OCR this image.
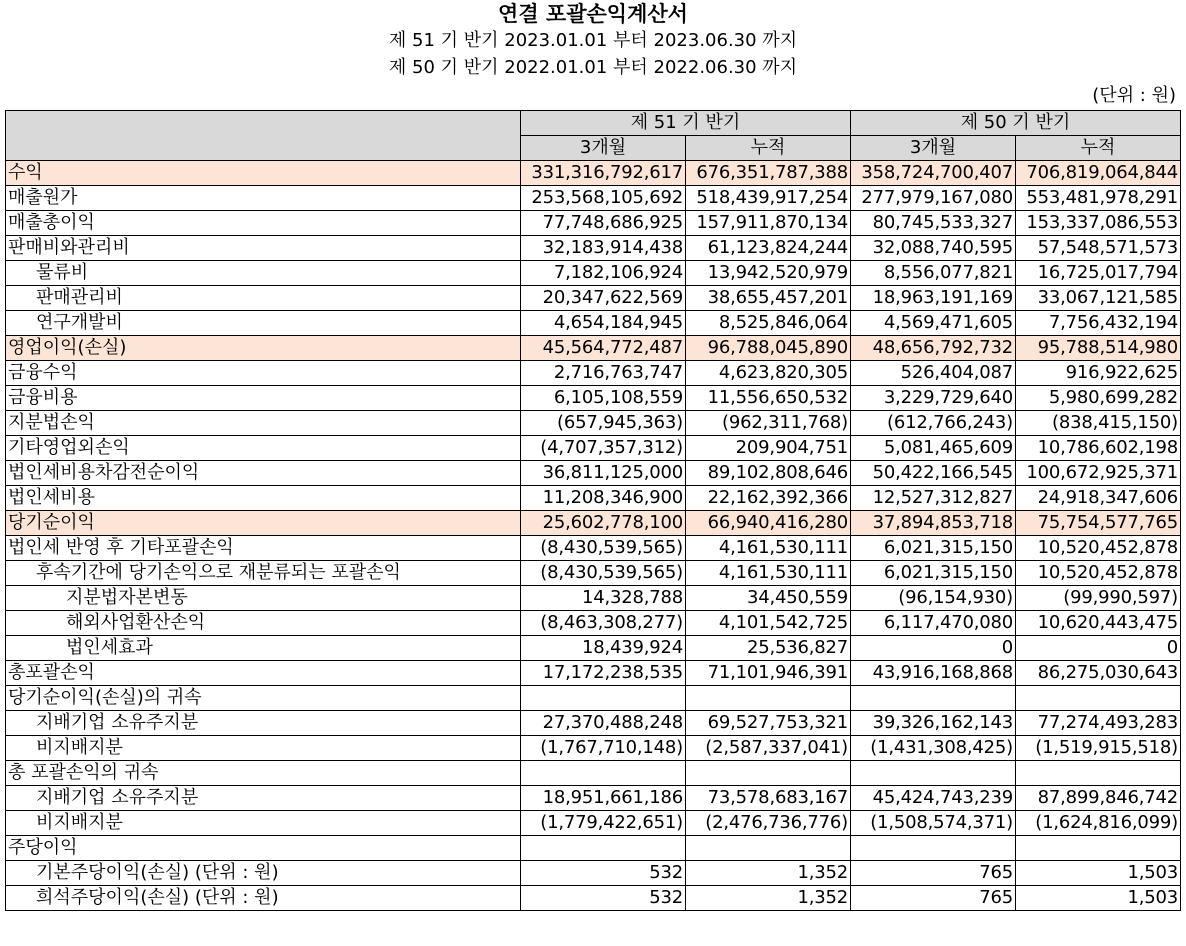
연결 포괄손익계산서
제 51 기 반기 2023.01.01 부터 2023.06.30 까지
제 50 기 반기 2022.01.01 부터 2022.06.30 까지
(단위 : 원)
	제 51 기 반기		제 50 기 반기	
	3개월	누적	3개월	누적
수익	331,316,792,617	676,351,787,388	358,724,700,407	706,819,064,844
매출원가	253,568,105,692	518,439,917,254	277,979,167,080	553,481,978,291
매출총이익	77,748,686,925	157,911,870,134	80,745,533,327	153,337,086,553
판매비와관리비	32,183,914,438	61,123,824,244	32,088,740,595	57,548,571,573
물류비	7,182,106,924	13,942,520,979	8,556,077,821	16,725,017,794
판매관리비	20,347,622,569	38,655,457,201	18,963,191,169	33,067,121,585
연구개발비	4,654,184,945	8,525,846,064	4,569,471,605	7,756,432,194
영업이익(손실)	45,564,772,487	96,788,045,890	48,656,792,732	95,788,514,980
금융수익	2,716,763,747	4,623,820,305	526,404,087	916,922,625
금융비용	6,105,108,559	11,556,650,532	3,229,729,640	5,980,699,282
지분법손익	(657,945,363)	(962,311,768)	(612,766,243)	(838,415,150)
기타영업외손익	(4,707,357,312)	209,904,751	5,081,465,609	10,786,602,198
법인세비용차감전순이익	36,811,125,000	89,102,808,646	50,422,166,545	100,672,925,371
법인세비용	11,208,346,900	22,162,392,366	12,527,312,827	24,918,347,606
당기순이익	25,602,778,100	66,940,416,280	37,894,853,718	75,754,577,765
법인세 반영 후 기타포괄손익	(8,430,539,565)	4,161,530,111	6,021,315,150	10,520,452,878
후속기간에 당기손익으로 재분류되는 포괄손익	(8,430,539,565)	4,161,530,111	6,021,315,150	10,520,452,878
지분법자본변동	14,328,788	34,450,559	(96,154,930)	(99,990,597)
해외사업환산손익	(8,463,308,277)	4,101,542,725	6,117,470,080	10,620,443,475
법인세효과	18,439,924	25,536,827	0	0
총포괄손익	17,172,238,535	71,101,946,391	43,916,168,868	86,275,030,643
당기순이익(손실)의 귀속				
지배기업 소유주지분	27,370,488,248	69,527,753,321	39,326,162,143	77,274,493,283
비지배지분	(1,767,710,148)	(2,587,337,041)	(1,431,308,425)	(1,519,915,518)
총 포괄손익의 귀속				
지배기업 소유주지분	18,951,661,186	73,578,683,167	45,424,743,239	87,899,846,742
비지배지분	(1,779,422,651)	(2,476,736,776)	(1,508,574,371)	(1,624,816,099)
주당이익				
기본주당이익(손실) (단위 : 원)	532	1,352	765	1,503
희석주당이익(손실) (단위 : 원)	532	1,352	765	1,503
